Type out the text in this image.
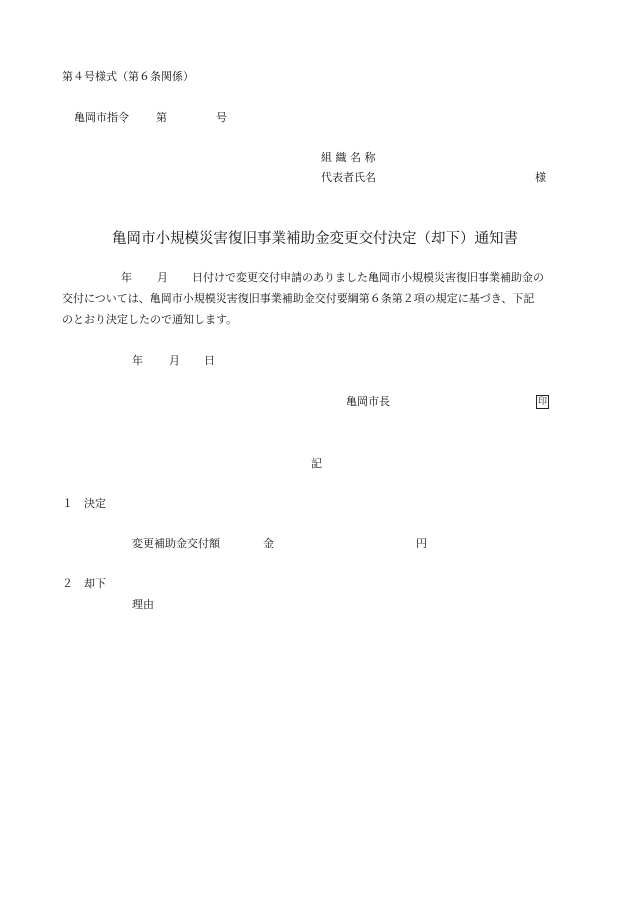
第４号様式（第６条関係）
亀岡市指令 第	号
組 織 名 称
代表者氏名	様
亀岡市小規模災害復旧事業補助金変更交付決定（却下）通知書
年 月 日付けで変更交付申請のありました亀岡市小規模災害復旧事業補助金の
交付については、亀岡市小規模災害復旧事業補助金交付要綱第６条第２項の規定に基づき、下記
のとおり決定したので通知します。
年 月 日
亀岡市長	印
記
１　決定
変更補助金交付額	金	円
２　却下
理由
